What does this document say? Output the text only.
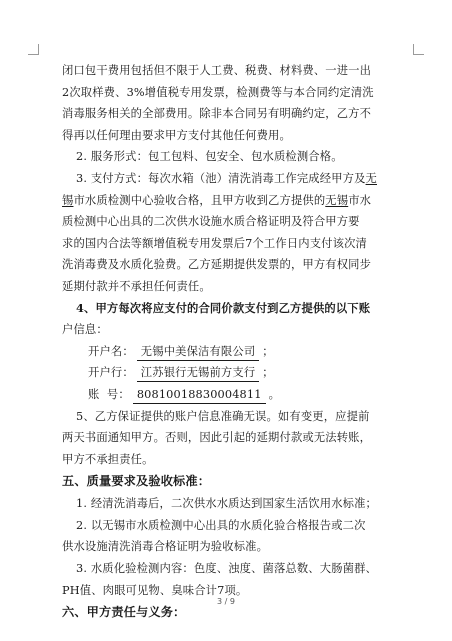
闭口包干费用包括但不限于人工费、税费、材料费、一进一出
2次取样费、3%增值税专用发票，检测费等与本合同约定清洗
消毒服务相关的全部费用。除非本合同另有明确约定，乙方不
得再以任何理由要求甲方支付其他任何费用。
2. 服务形式：包工包料、包安全、包水质检测合格。
3. 支付方式：每次水箱（池）清洗消毒工作完成经甲方及无
锡市水质检测中心验收合格，且甲方收到乙方提供的无锡市水
质检测中心出具的二次供水设施水质合格证明及符合甲方要
求的国内合法等额增值税专用发票后7个工作日内支付该次清
洗消毒费及水质化验费。乙方延期提供发票的，甲方有权同步
延期付款并不承担任何责任。
4、甲方每次将应支付的合同价款支付到乙方提供的以下账
户信息：
开户名： 无锡中美保洁有限公司 ；
开户行： 江苏银行无锡前方支行 ；
账  号： 80810018830004811 。
5、乙方保证提供的账户信息准确无误。如有变更，应提前
两天书面通知甲方。否则，因此引起的延期付款或无法转账，
甲方不承担责任。
五、质量要求及验收标准：
1. 经清洗消毒后，二次供水水质达到国家生活饮用水标准；
2. 以无锡市水质检测中心出具的水质化验合格报告或二次
供水设施清洗消毒合格证明为验收标准。
3. 水质化验检测内容：色度、浊度、菌落总数、大肠菌群、
PH值、肉眼可见物、臭味合计7项。
六、甲方责任与义务：
3 / 9
